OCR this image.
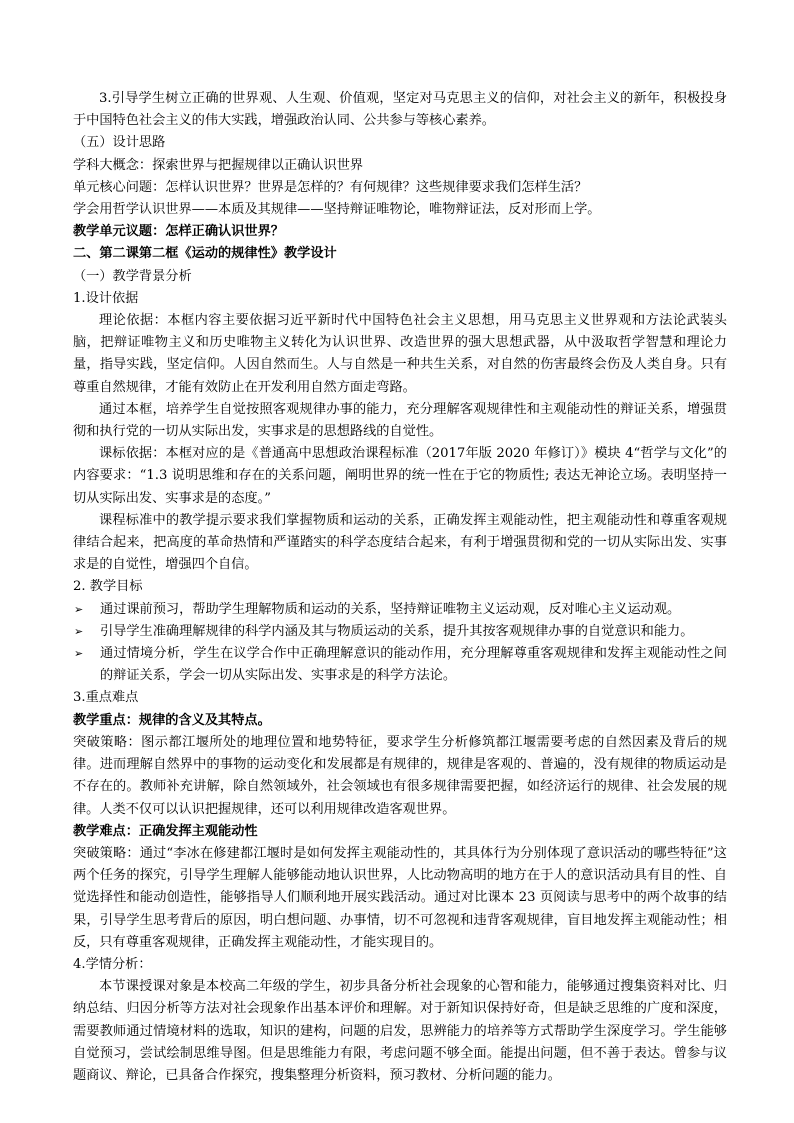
3.引导学生树立正确的世界观、人生观、价值观，坚定对马克思主义的信仰，对社会主义的新年，积极投身于中国特色社会主义的伟大实践，增强政治认同、公共参与等核心素养。

（五）设计思路

学科大概念：探索世界与把握规律以正确认识世界

单元核心问题：怎样认识世界？世界是怎样的？有何规律？这些规律要求我们怎样生活？

学会用哲学认识世界——本质及其规律——坚持辩证唯物论，唯物辩证法，反对形而上学。

教学单元议题：怎样正确认识世界？

二、第二课第二框《运动的规律性》教学设计

（一）教学背景分析

1.设计依据

理论依据：本框内容主要依据习近平新时代中国特色社会主义思想，用马克思主义世界观和方法论武装头脑，把辩证唯物主义和历史唯物主义转化为认识世界、改造世界的强大思想武器，从中汲取哲学智慧和理论力量，指导实践，坚定信仰。人因自然而生。人与自然是一种共生关系，对自然的伤害最终会伤及人类自身。只有尊重自然规律，才能有效防止在开发利用自然方面走弯路。

通过本框，培养学生自觉按照客观规律办事的能力，充分理解客观规律性和主观能动性的辩证关系，增强贯彻和执行党的一切从实际出发，实事求是的思想路线的自觉性。

课标依据：本框对应的是《普通高中思想政治课程标准（2017年版 2020 年修订）》模块 4“哲学与文化”的内容要求：“1.3 说明思维和存在的关系问题，阐明世界的统一性在于它的物质性; 表达无神论立场。表明坚持一切从实际出发、实事求是的态度。”

课程标准中的教学提示要求我们掌握物质和运动的关系，正确发挥主观能动性，把主观能动性和尊重客观规律结合起来，把高度的革命热情和严谨踏实的科学态度结合起来，有利于增强贯彻和党的一切从实际出发、实事求是的自觉性，增强四个自信。

2. 教学目标

➢ 通过课前预习，帮助学生理解物质和运动的关系，坚持辩证唯物主义运动观，反对唯心主义运动观。
➢ 引导学生准确理解规律的科学内涵及其与物质运动的关系，提升其按客观规律办事的自觉意识和能力。
➢ 通过情境分析，学生在议学合作中正确理解意识的能动作用，充分理解尊重客观规律和发挥主观能动性之间的辩证关系，学会一切从实际出发、实事求是的科学方法论。

3.重点难点

教学重点：规律的含义及其特点。

突破策略：图示都江堰所处的地理位置和地势特征，要求学生分析修筑都江堰需要考虑的自然因素及背后的规律。进而理解自然界中的事物的运动变化和发展都是有规律的，规律是客观的、普遍的，没有规律的物质运动是不存在的。教师补充讲解，除自然领域外，社会领域也有很多规律需要把握，如经济运行的规律、社会发展的规律。人类不仅可以认识把握规律，还可以利用规律改造客观世界。

教学难点：正确发挥主观能动性

突破策略：通过“李冰在修建都江堰时是如何发挥主观能动性的，其具体行为分别体现了意识活动的哪些特征”这两个任务的探究，引导学生理解人能够能动地认识世界，人比动物高明的地方在于人的意识活动具有目的性、自觉选择性和能动创造性，能够指导人们顺利地开展实践活动。通过对比课本 23 页阅读与思考中的两个故事的结果，引导学生思考背后的原因，明白想问题、办事情，切不可忽视和违背客观规律，盲目地发挥主观能动性；相反，只有尊重客观规律，正确发挥主观能动性，才能实现目的。

4.学情分析：

本节课授课对象是本校高二年级的学生，初步具备分析社会现象的心智和能力，能够通过搜集资料对比、归纳总结、归因分析等方法对社会现象作出基本评价和理解。对于新知识保持好奇，但是缺乏思维的广度和深度，需要教师通过情境材料的选取，知识的建构，问题的启发，思辨能力的培养等方式帮助学生深度学习。学生能够自觉预习，尝试绘制思维导图。但是思维能力有限，考虑问题不够全面。能提出问题，但不善于表达。曾参与议题商议、辩论，已具备合作探究，搜集整理分析资料，预习教材、分析问题的能力。
